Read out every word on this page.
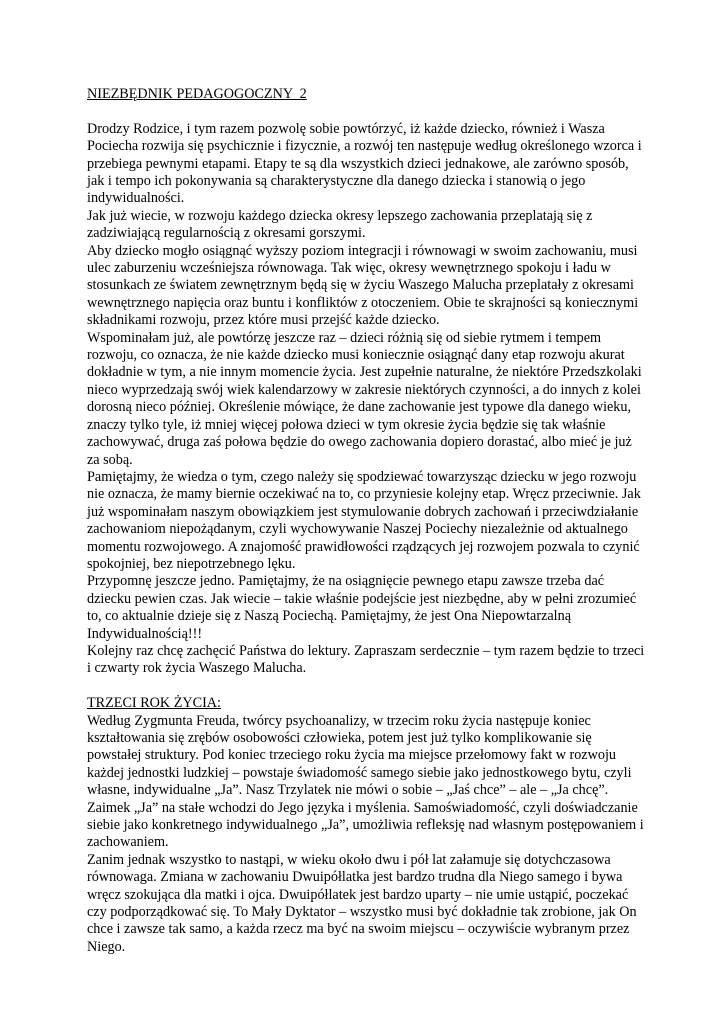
NIEZBĘDNIK PEDAGOGOCZNY  2

Drodzy Rodzice, i tym razem pozwolę sobie powtórzyć, iż każde dziecko, również i Wasza Pociecha rozwija się psychicznie i fizycznie, a rozwój ten następuje według określonego wzorca i przebiega pewnymi etapami. Etapy te są dla wszystkich dzieci jednakowe, ale zarówno sposób, jak i tempo ich pokonywania są charakterystyczne dla danego dziecka i stanowią o jego indywidualności.

Jak już wiecie, w rozwoju każdego dziecka okresy lepszego zachowania przeplatają się z zadziwiającą regularnością z okresami gorszymi.

Aby dziecko mogło osiągnąć wyższy poziom integracji i równowagi w swoim zachowaniu, musi ulec zaburzeniu wcześniejsza równowaga. Tak więc, okresy wewnętrznego spokoju i ładu w stosunkach ze światem zewnętrznym będą się w życiu Waszego Malucha przeplatały z okresami wewnętrznego napięcia oraz buntu i konfliktów z otoczeniem. Obie te skrajności są koniecznymi składnikami rozwoju, przez które musi przejść każde dziecko.

Wspominałam już, ale powtórzę jeszcze raz – dzieci różnią się od siebie rytmem i tempem rozwoju, co oznacza, że nie każde dziecko musi koniecznie osiągnąć dany etap rozwoju akurat dokładnie w tym, a nie innym momencie życia. Jest zupełnie naturalne, że niektóre Przedszkolaki nieco wyprzedzają swój wiek kalendarzowy w zakresie niektórych czynności, a do innych z kolei dorosną nieco później. Określenie mówiące, że dane zachowanie jest typowe dla danego wieku, znaczy tylko tyle, iż mniej więcej połowa dzieci w tym okresie życia będzie się tak właśnie zachowywać, druga zaś połowa będzie do owego zachowania dopiero dorastać, albo mieć je już za sobą.

Pamiętajmy, że wiedza o tym, czego należy się spodziewać towarzysząc dziecku w jego rozwoju nie oznacza, że mamy biernie oczekiwać na to, co przyniesie kolejny etap. Wręcz przeciwnie. Jak już wspominałam naszym obowiązkiem jest stymulowanie dobrych zachowań i przeciwdziałanie zachowaniom niepożądanym, czyli wychowywanie Naszej Pociechy niezależnie od aktualnego momentu rozwojowego. A znajomość prawidłowości rządzących jej rozwojem pozwala to czynić spokojniej, bez niepotrzebnego lęku.

Przypomnę jeszcze jedno. Pamiętajmy, że na osiągnięcie pewnego etapu zawsze trzeba dać dziecku pewien czas. Jak wiecie – takie właśnie podejście jest niezbędne, aby w pełni zrozumieć to, co aktualnie dzieje się z Naszą Pociechą. Pamiętajmy, że jest Ona Niepowtarzalną Indywidualnością!!!

Kolejny raz chcę zachęcić Państwa do lektury. Zapraszam serdecznie – tym razem będzie to trzeci i czwarty rok życia Waszego Malucha.

TRZECI ROK ŻYCIA:

Według Zygmunta Freuda, twórcy psychoanalizy, w trzecim roku życia następuje koniec kształtowania się zrębów osobowości człowieka, potem jest już tylko komplikowanie się powstałej struktury. Pod koniec trzeciego roku życia ma miejsce przełomowy fakt w rozwoju każdej jednostki ludzkiej – powstaje świadomość samego siebie jako jednostkowego bytu, czyli własne, indywidualne „Ja”. Nasz Trzylatek nie mówi o sobie – „Jaś chce” – ale – „Ja chcę”. Zaimek „Ja” na stałe wchodzi do Jego języka i myślenia. Samoświadomość, czyli doświadczanie siebie jako konkretnego indywidualnego „Ja”, umożliwia refleksję nad własnym postępowaniem i zachowaniem.

Zanim jednak wszystko to nastąpi, w wieku około dwu i pół lat załamuje się dotychczasowa równowaga. Zmiana w zachowaniu Dwuipółlatka jest bardzo trudna dla Niego samego i bywa wręcz szokująca dla matki i ojca. Dwuipółlatek jest bardzo uparty – nie umie ustąpić, poczekać czy podporządkować się. To Mały Dyktator – wszystko musi być dokładnie tak zrobione, jak On chce i zawsze tak samo, a każda rzecz ma być na swoim miejscu – oczywiście wybranym przez Niego.
